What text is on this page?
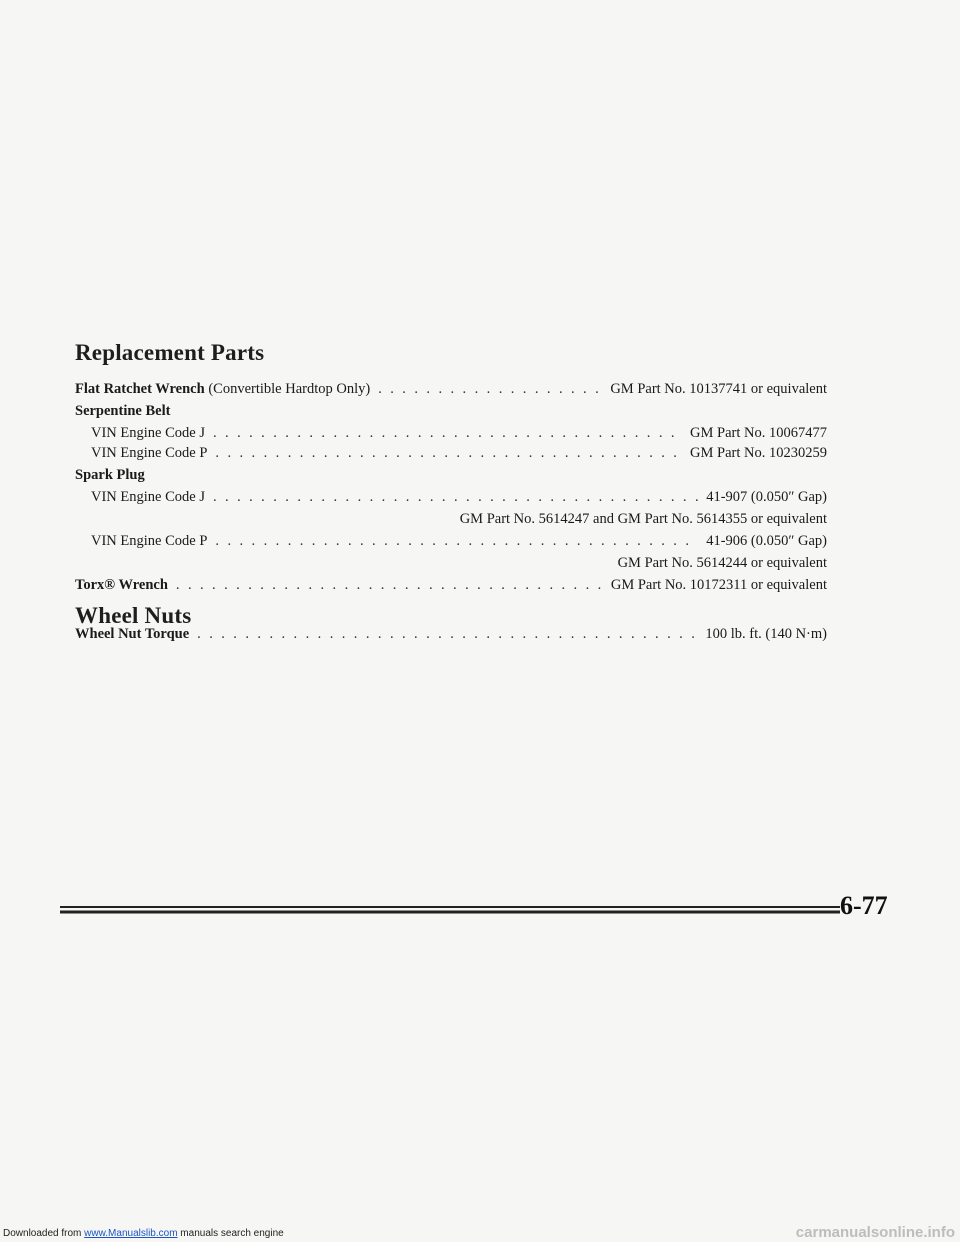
Replacement Parts
Flat Ratchet Wrench (Convertible Hardtop Only) . . .	GM Part No. 10137741 or equivalent
Serpentine Belt
VIN Engine Code J . . .	GM Part No. 10067477
VIN Engine Code P . . .	GM Part No. 10230259
Spark Plug
VIN Engine Code J . . .	41-907 (0.050″ Gap)
GM Part No. 5614247 and GM Part No. 5614355 or equivalent
VIN Engine Code P . . .	41-906 (0.050″ Gap)
GM Part No. 5614244 or equivalent
Torx® Wrench . . .	GM Part No. 10172311 or equivalent
Wheel Nuts
Wheel Nut Torque . . .	100 lb. ft. (140 N·m)
6-77
Downloaded from www.Manualslib.com manuals search engine	carmanualsonline.info
